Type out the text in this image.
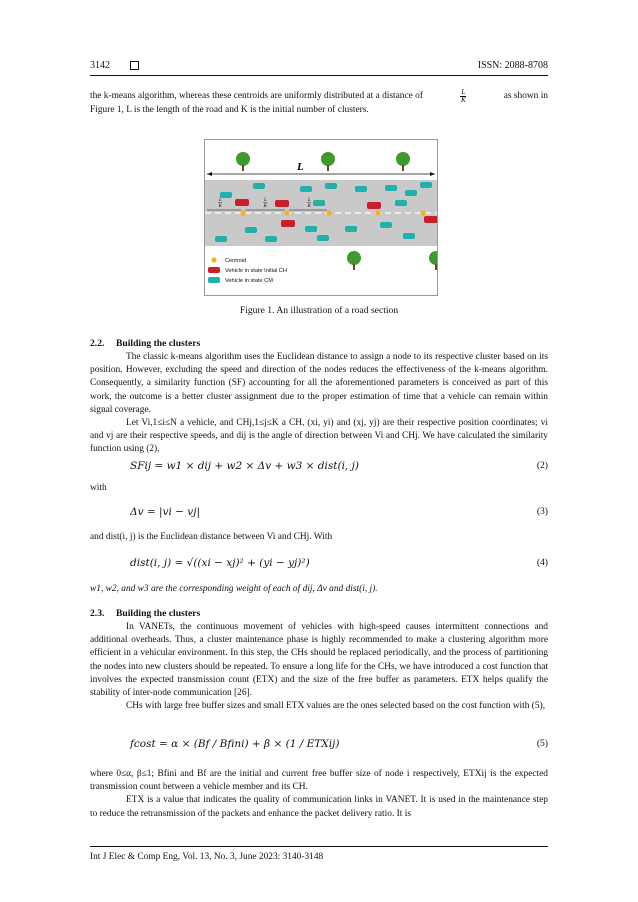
3142	ISSN: 2088-8708

the k-means algorithm, whereas these centroids are uniformly distributed at a distance of	L
K	as shown in

Figure 1, L is the length of the road and K is the initial number of clusters.

L
L
K
L
K
L
K
Centroid
Vehicle in state Initial CH
Vehicle in state CM
Figure 1. An illustration of a road section
2.2. Building the clusters

The classic k-means algorithm uses the Euclidean distance to assign a node to its respective cluster based on its position. However, excluding the speed and direction of the nodes reduces the effectiveness of the k-means algorithm. Consequently, a similarity function (SF) accounting for all the aforementioned parameters is conceived as part of this work, the outcome is a better cluster assignment due to the proper estimation of time that a vehicle can remain within signal coverage.

Let Vi,1≤i≤N a vehicle, and CHj,1≤j≤K a CH, (xi, yi) and (xj, yj) are their respective position coordinates; vi and vj are their respective speeds, and dij is the angle of direction between Vi and CHj. We have calculated the similarity function using (2),

SFij = w1 × dij + w2 × Δv + w3 × dist(i, j)	(2)
with
Δv = |vi − vj|	(3)
and dist(i, j) is the Euclidean distance between Vi and CHj. With
dist(i, j) = √((xi − xj)² + (yi − yj)²)	(4)
w1, w2, and w3 are the corresponding weight of each of dij, Δv and dist(i, j).
2.3. Building the clusters

In VANETs, the continuous movement of vehicles with high-speed causes intermittent connections and additional overheads. Thus, a cluster maintenance phase is highly recommended to make a clustering algorithm more efficient in a vehicular environment. In this step, the CHs should be replaced periodically, and the process of partitioning the nodes into new clusters should be repeated. To ensure a long life for the CHs, we have introduced a cost function that involves the expected transmission count (ETX) and the size of the free buffer as parameters. ETX helps qualify the stability of inter-node communication [26].

CHs with large free buffer sizes and small ETX values are the ones selected based on the cost function with (5),

fcost = α × (Bf / Bfini) + β × (1 / ETXij)	(5)

where 0≤α, β≤1; Bfini and Bf are the initial and current free buffer size of node i respectively, ETXij is the expected transmission count between a vehicle member and its CH.

ETX is a value that indicates the quality of communication links in VANET. It is used in the maintenance step to reduce the retransmission of the packets and enhance the packet delivery ratio. It is

Int J Elec & Comp Eng, Vol. 13, No. 3, June 2023: 3140-3148
